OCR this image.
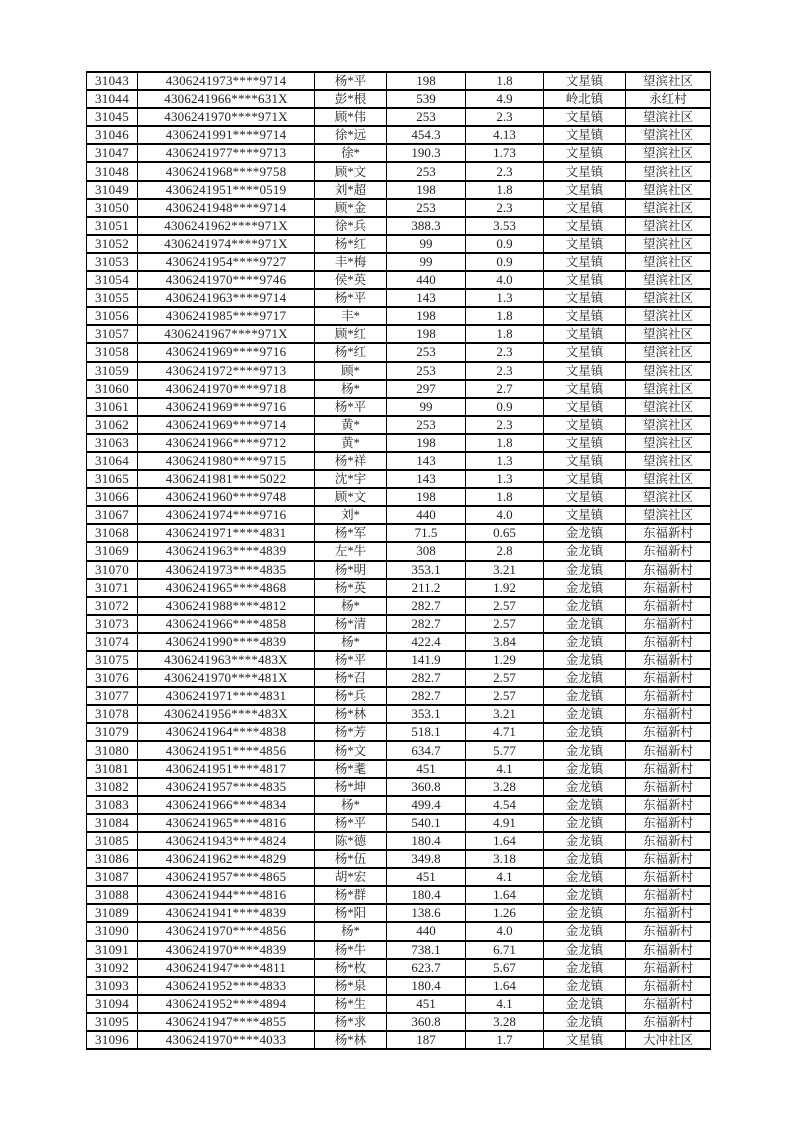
31043	4306241973****9714	杨*平	198	1.8	文星镇	望滨社区
31044	4306241966****631X	彭*根	539	4.9	岭北镇	永红村
31045	4306241970****971X	顾*伟	253	2.3	文星镇	望滨社区
31046	4306241991****9714	徐*远	454.3	4.13	文星镇	望滨社区
31047	4306241977****9713	徐*	190.3	1.73	文星镇	望滨社区
31048	4306241968****9758	顾*文	253	2.3	文星镇	望滨社区
31049	4306241951****0519	刘*超	198	1.8	文星镇	望滨社区
31050	4306241948****9714	顾*金	253	2.3	文星镇	望滨社区
31051	4306241962****971X	徐*兵	388.3	3.53	文星镇	望滨社区
31052	4306241974****971X	杨*红	99	0.9	文星镇	望滨社区
31053	4306241954****9727	丰*梅	99	0.9	文星镇	望滨社区
31054	4306241970****9746	侯*英	440	4.0	文星镇	望滨社区
31055	4306241963****9714	杨*平	143	1.3	文星镇	望滨社区
31056	4306241985****9717	丰*	198	1.8	文星镇	望滨社区
31057	4306241967****971X	顾*红	198	1.8	文星镇	望滨社区
31058	4306241969****9716	杨*红	253	2.3	文星镇	望滨社区
31059	4306241972****9713	顾*	253	2.3	文星镇	望滨社区
31060	4306241970****9718	杨*	297	2.7	文星镇	望滨社区
31061	4306241969****9716	杨*平	99	0.9	文星镇	望滨社区
31062	4306241969****9714	黄*	253	2.3	文星镇	望滨社区
31063	4306241966****9712	黄*	198	1.8	文星镇	望滨社区
31064	4306241980****9715	杨*祥	143	1.3	文星镇	望滨社区
31065	4306241981****5022	沈*宇	143	1.3	文星镇	望滨社区
31066	4306241960****9748	顾*文	198	1.8	文星镇	望滨社区
31067	4306241974****9716	刘*	440	4.0	文星镇	望滨社区
31068	4306241971****4831	杨*军	71.5	0.65	金龙镇	东福新村
31069	4306241963****4839	左*牛	308	2.8	金龙镇	东福新村
31070	4306241973****4835	杨*明	353.1	3.21	金龙镇	东福新村
31071	4306241965****4868	杨*英	211.2	1.92	金龙镇	东福新村
31072	4306241988****4812	杨*	282.7	2.57	金龙镇	东福新村
31073	4306241966****4858	杨*清	282.7	2.57	金龙镇	东福新村
31074	4306241990****4839	杨*	422.4	3.84	金龙镇	东福新村
31075	4306241963****483X	杨*平	141.9	1.29	金龙镇	东福新村
31076	4306241970****481X	杨*召	282.7	2.57	金龙镇	东福新村
31077	4306241971****4831	杨*兵	282.7	2.57	金龙镇	东福新村
31078	4306241956****483X	杨*林	353.1	3.21	金龙镇	东福新村
31079	4306241964****4838	杨*芳	518.1	4.71	金龙镇	东福新村
31080	4306241951****4856	杨*文	634.7	5.77	金龙镇	东福新村
31081	4306241951****4817	杨*耄	451	4.1	金龙镇	东福新村
31082	4306241957****4835	杨*坤	360.8	3.28	金龙镇	东福新村
31083	4306241966****4834	杨*	499.4	4.54	金龙镇	东福新村
31084	4306241965****4816	杨*平	540.1	4.91	金龙镇	东福新村
31085	4306241943****4824	陈*德	180.4	1.64	金龙镇	东福新村
31086	4306241962****4829	杨*伍	349.8	3.18	金龙镇	东福新村
31087	4306241957****4865	胡*宏	451	4.1	金龙镇	东福新村
31088	4306241944****4816	杨*群	180.4	1.64	金龙镇	东福新村
31089	4306241941****4839	杨*阳	138.6	1.26	金龙镇	东福新村
31090	4306241970****4856	杨*	440	4.0	金龙镇	东福新村
31091	4306241970****4839	杨*牛	738.1	6.71	金龙镇	东福新村
31092	4306241947****4811	杨*枚	623.7	5.67	金龙镇	东福新村
31093	4306241952****4833	杨*泉	180.4	1.64	金龙镇	东福新村
31094	4306241952****4894	杨*生	451	4.1	金龙镇	东福新村
31095	4306241947****4855	杨*求	360.8	3.28	金龙镇	东福新村
31096	4306241970****4033	杨*林	187	1.7	文星镇	大冲社区
